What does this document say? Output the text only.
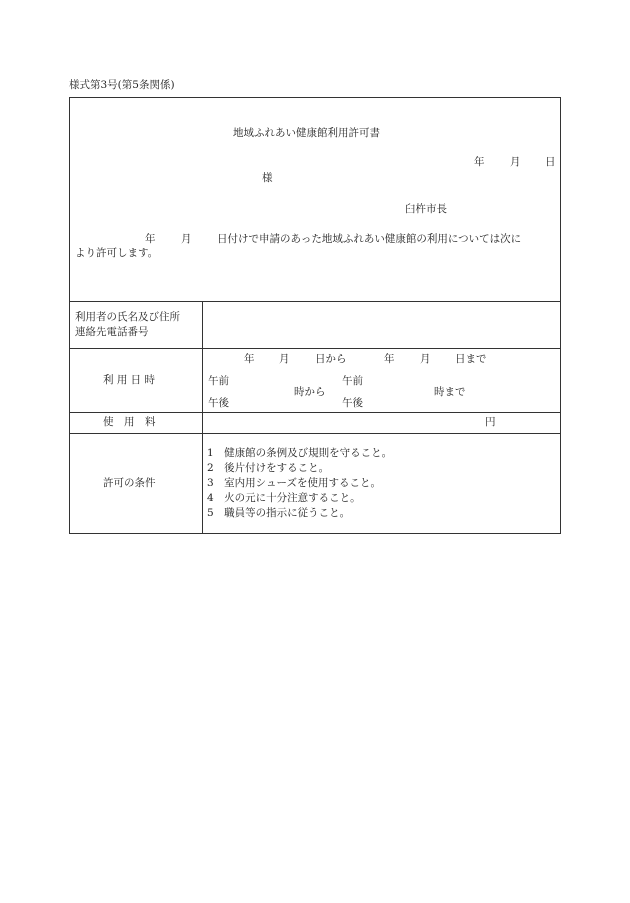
様式第3号(第5条関係)
地域ふれあい健康館利用許可書
年 月 日
様
臼杵市長
年 月 日付けで申請のあった地域ふれあい健康館の利用については次に
より許可します。
利用者の氏名及び住所
連絡先電話番号
利 用 日 時
年 月 日から	年 月 日まで
午前
午後
時から
午前
午後
時まで
使　用　料	円
許可の条件
1　健康館の条例及び規則を守ること。
2　後片付けをすること。
3　室内用シューズを使用すること。
4　火の元に十分注意すること。
5　職員等の指示に従うこと。
